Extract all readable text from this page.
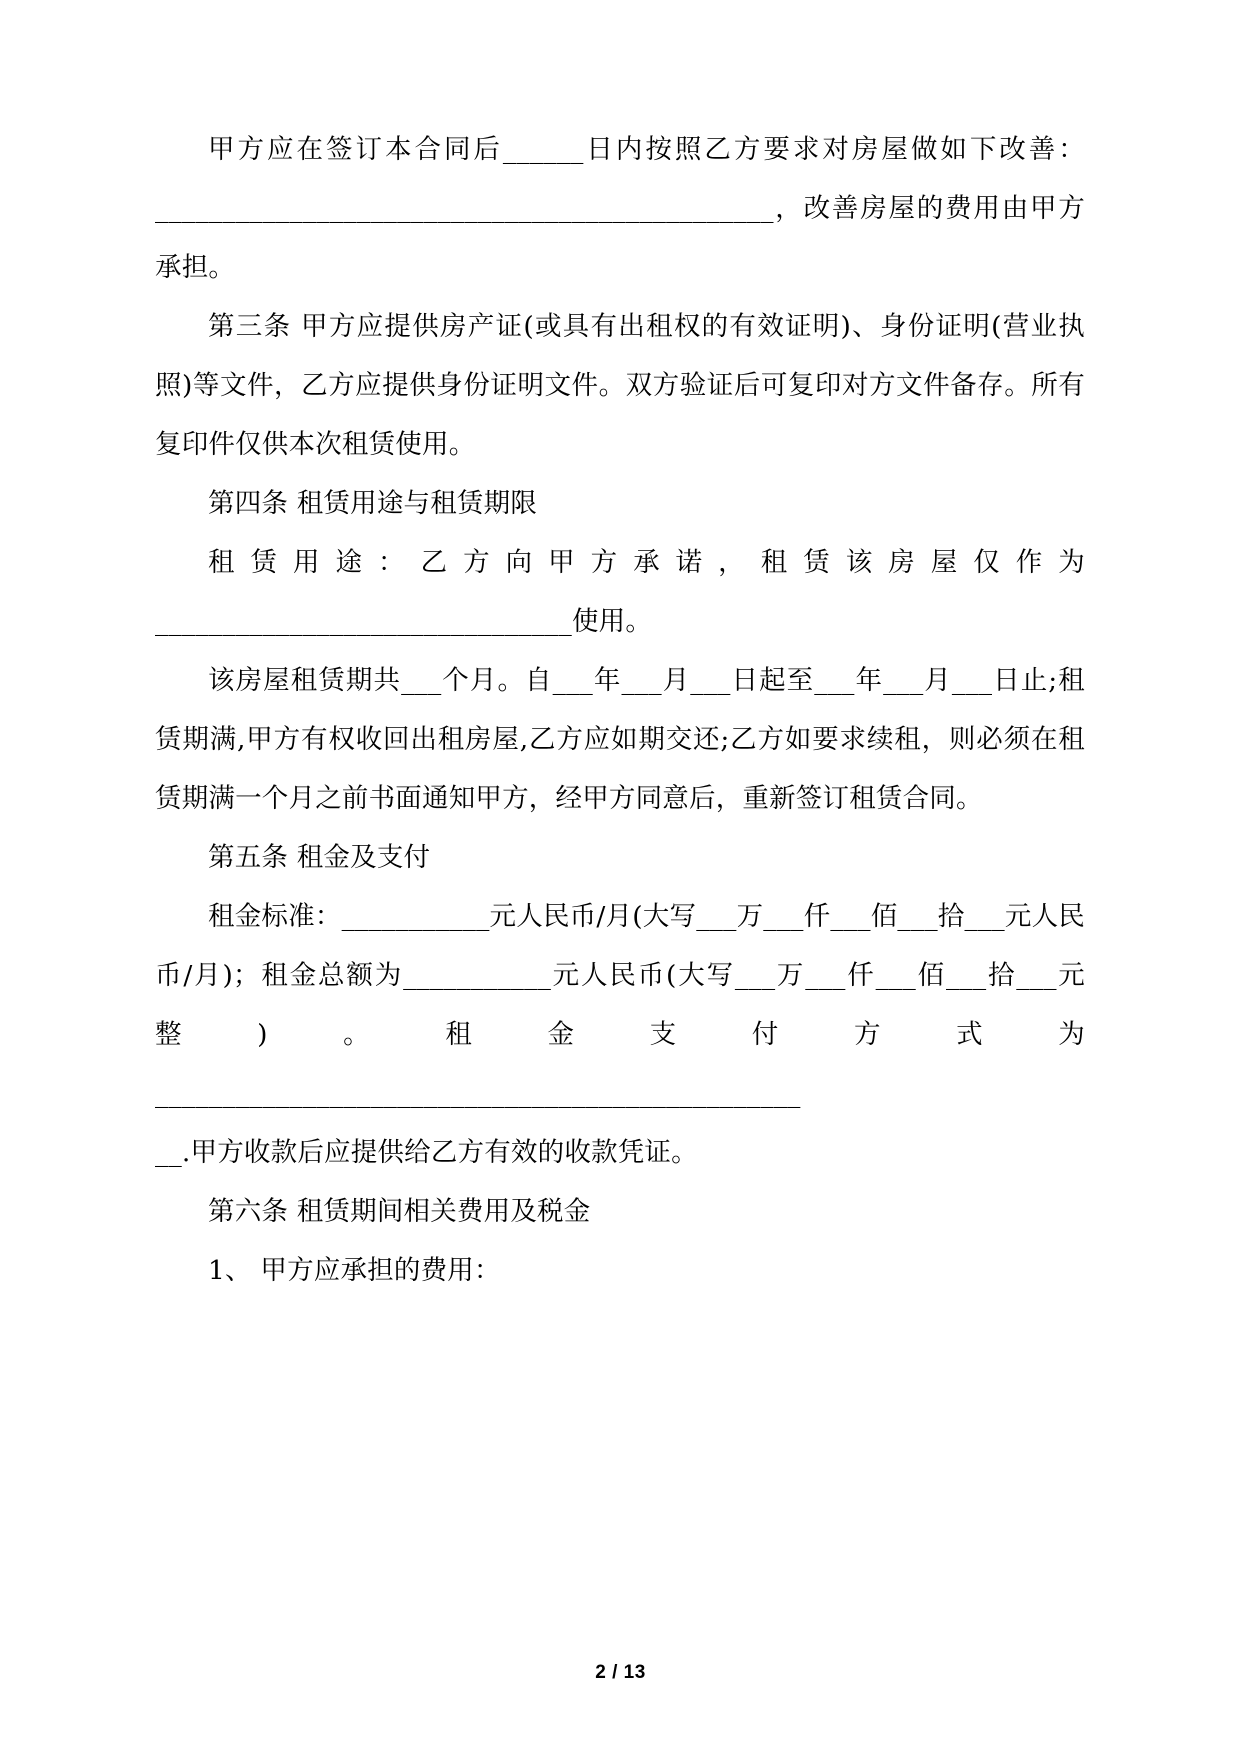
甲方应在签订本合同后______日内按照乙方要求对房屋做如下改善：

______________________________________________，改善房屋的费用由甲方承担。

第三条 甲方应提供房产证(或具有出租权的有效证明)、身份证明(营业执照)等文件，乙方应提供身份证明文件。双方验证后可复印对方文件备存。所有复印件仅供本次租赁使用。

第四条 租赁用途与租赁期限

租赁用途：乙方向甲方承诺，租赁该房屋仅作为

_______________________________使用。

该房屋租赁期共___个月。自___年___月___日起至___年___月___日止;租赁期满,甲方有权收回出租房屋,乙方应如期交还;乙方如要求续租，则必须在租赁期满一个月之前书面通知甲方，经甲方同意后，重新签订租赁合同。

第五条 租金及支付

租金标准：___________元人民币/月(大写___万___仟___佰___拾___元人民币/月)；租金总额为___________元人民币(大写___万___仟___佰___拾___元整)。租金支付方式为

________________________________________________

__.甲方收款后应提供给乙方有效的收款凭证。

第六条 租赁期间相关费用及税金

1、 甲方应承担的费用：

2 / 13
